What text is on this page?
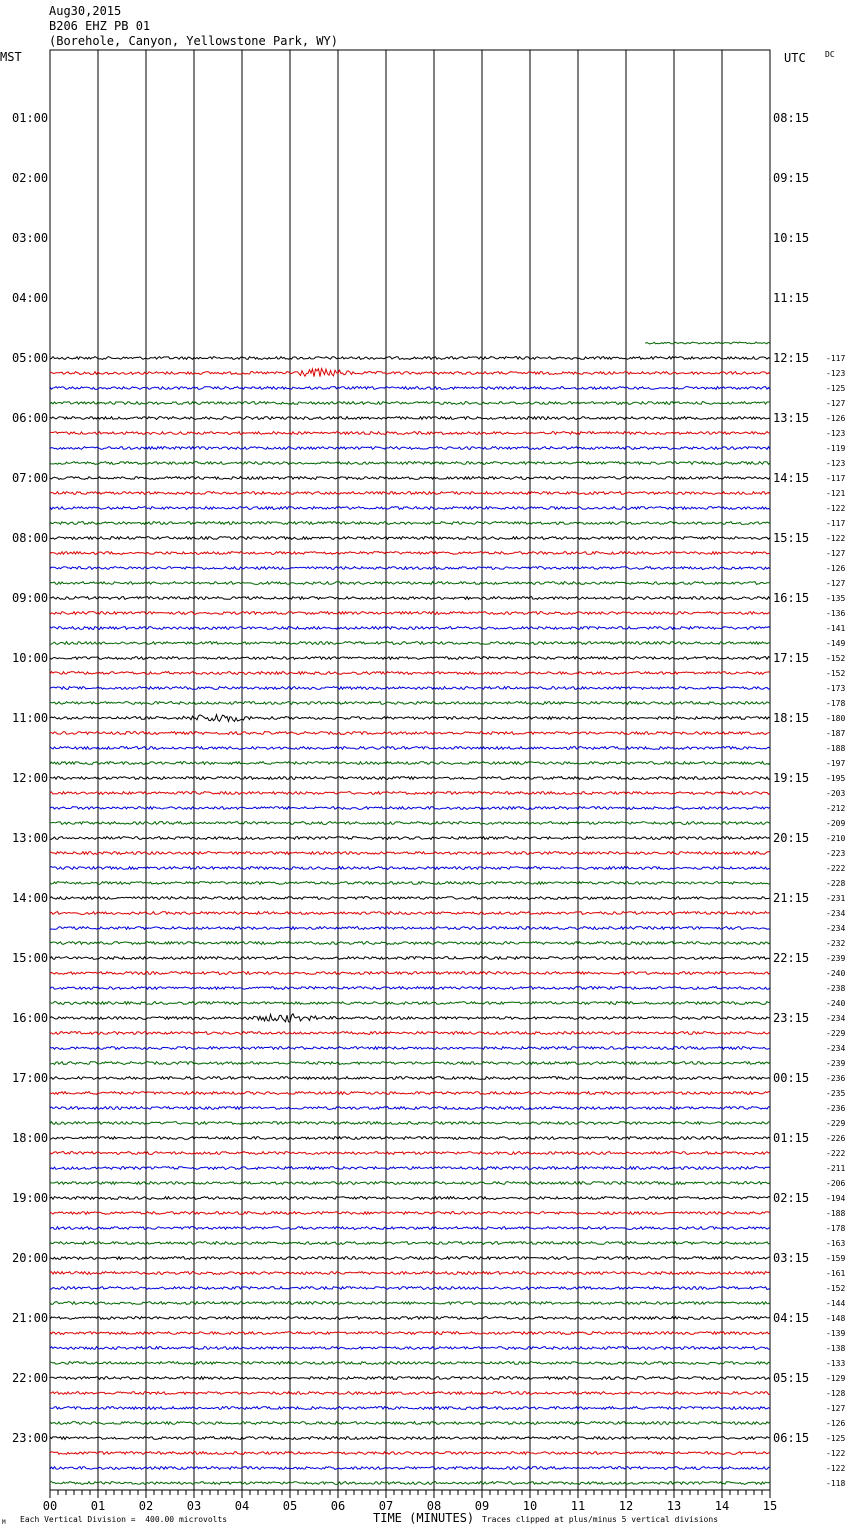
Aug30,2015
B206 EHZ PB 01
(Borehole, Canyon, Yellowstone Park, WY)
MST	UTC DC
00	01	02	03	04	05	06	07	08	09	10	11	12	13	14	15
01:00
02:00
03:00
04:00
05:00
06:00
07:00
08:00
09:00
10:00
11:00
12:00
13:00
14:00
15:00
16:00
17:00
18:00
19:00
20:00
21:00
22:00
23:00
08:15
09:15
10:15
11:15
12:15
13:15
14:15
15:15
16:15
17:15
18:15
19:15
20:15
21:15
22:15
23:15
00:15
01:15
02:15
03:15
04:15
05:15
06:15
-117
-123
-125
-127
-126
-123
-119
-123
-117
-121
-122
-117
-122
-127
-126
-127
-135
-136
-141
-149
-152
-152
-173
-178
-180
-187
-188
-197
-195
-203
-212
-209
-210
-223
-222
-228
-231
-234
-234
-232
-239
-240
-238
-240
-234
-229
-234
-239
-236
-235
-236
-229
-226
-222
-211
-206
-194
-188
-178
-163
-159
-161
-152
-144
-148
-139
-138
-133
-129
-128
-127
-126
-125
-122
-122
-118
M Each Vertical Division =  400.00 microvolts	TIME (MINUTES) Traces clipped at plus/minus 5 vertical divisions
